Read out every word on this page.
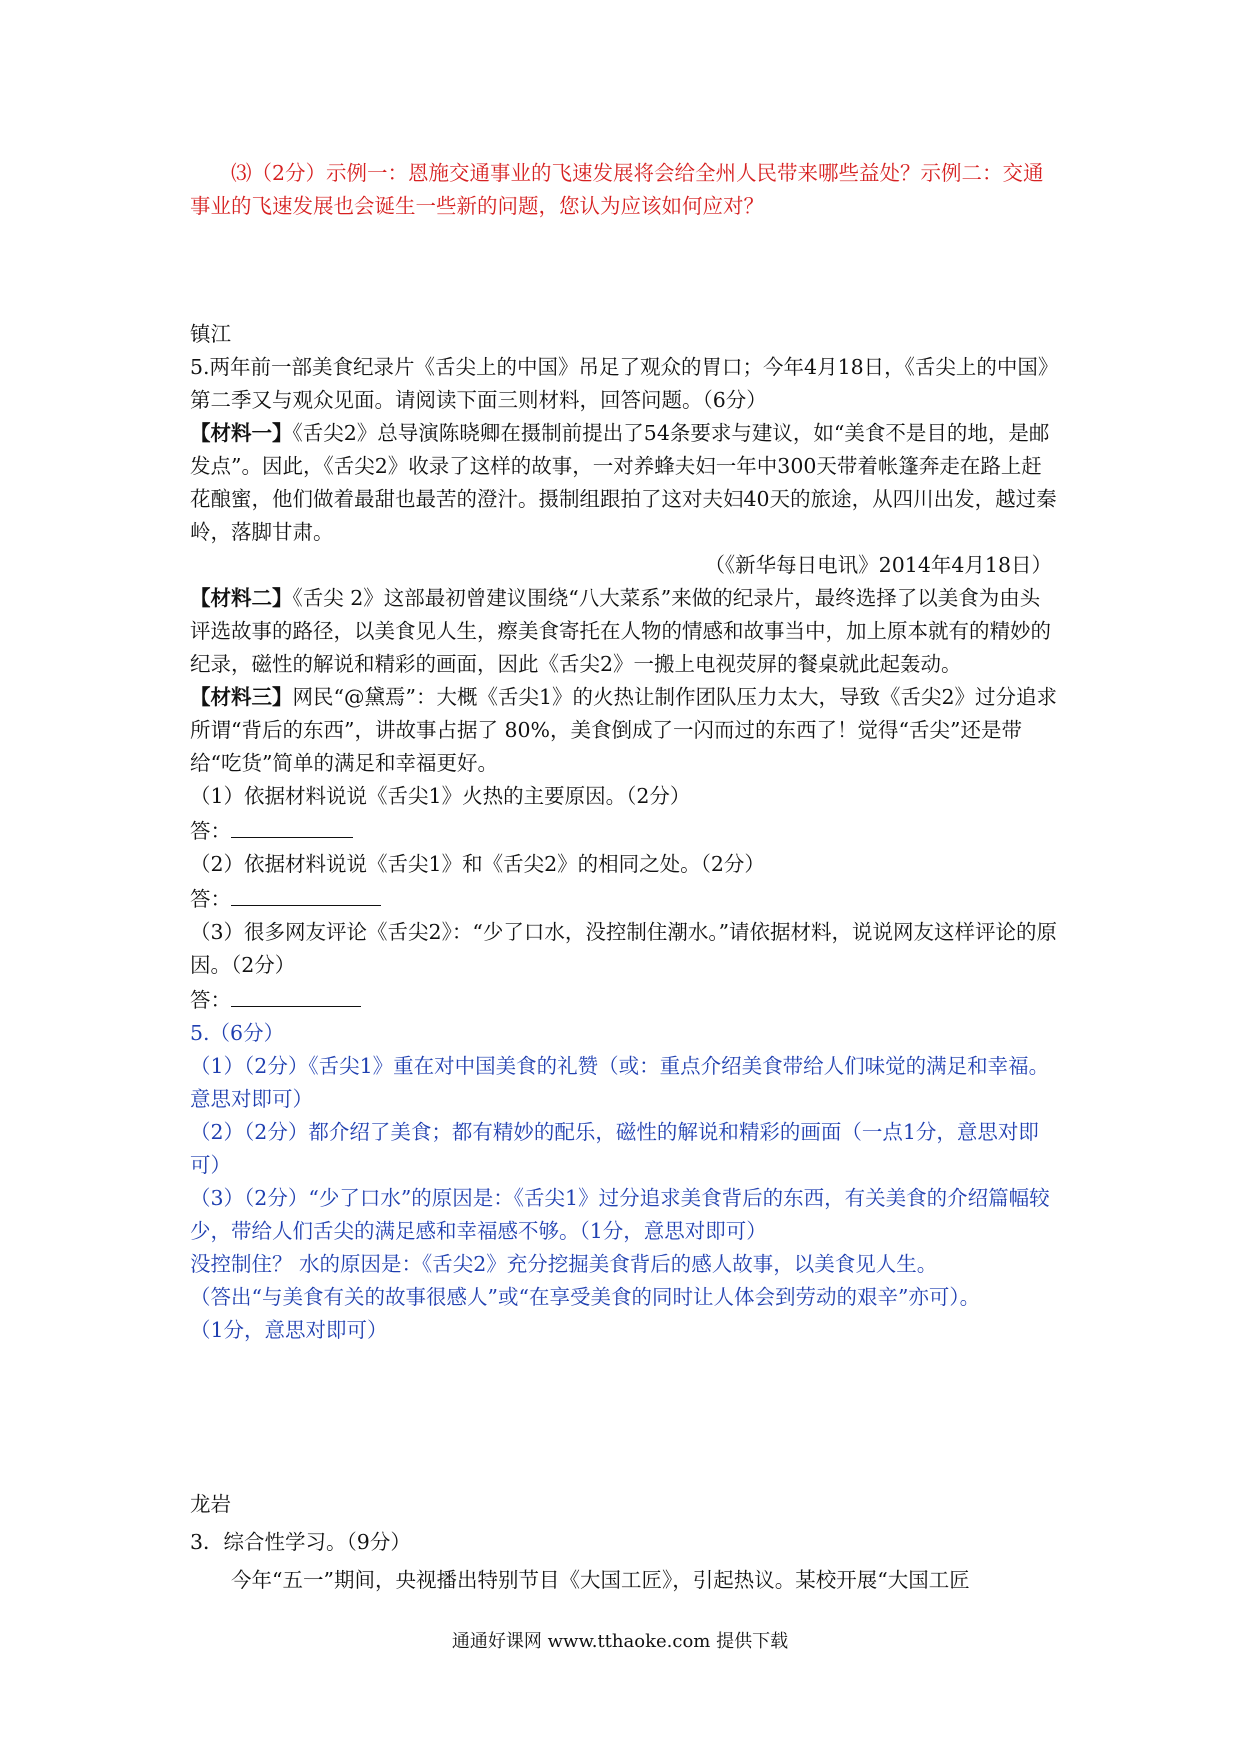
⑶（2分）示例一：恩施交通事业的飞速发展将会给全州人民带来哪些益处？示例二：交通事业的飞速发展也会诞生一些新的问题，您认为应该如何应对？

镇江

5.两年前一部美食纪录片《舌尖上的中国》吊足了观众的胃口；今年4月18日，《舌尖上的中国》第二季又与观众见面。请阅读下面三则材料，回答问题。（6分）

【材料一】《舌尖2》总导演陈晓卿在摄制前提出了54条要求与建议，如“美食不是目的地，是邮发点”。因此，《舌尖2》收录了这样的故事，一对养蜂夫妇一年中300天带着帐篷奔走在路上赶花酿蜜，他们做着最甜也最苦的澄汁。摄制组跟拍了这对夫妇40天的旅途，从四川出发，越过秦岭，落脚甘肃。

（《新华每日电讯》2014年4月18日）

【材料二】《舌尖 2》这部最初曾建议围绕“八大菜系”来做的纪录片，最终选择了以美食为由头评选故事的路径，以美食见人生，瘵美食寄托在人物的情感和故事当中，加上原本就有的精妙的纪录，磁性的解说和精彩的画面，因此《舌尖2》一搬上电视荧屏的餐桌就此起轰动。

【材料三】网民“@黛焉”：大概《舌尖1》的火热让制作团队压力太大，导致《舌尖2》过分追求所谓“背后的东西”，讲故事占据了 80%，美食倒成了一闪而过的东西了！觉得“舌尖”还是带给“吃货”简单的满足和幸福更好。

（1）依据材料说说《舌尖1》火热的主要原因。（2分）

答：

（2）依据材料说说《舌尖1》和《舌尖2》的相同之处。（2分）

答：

（3）很多网友评论《舌尖2》：“少了口水，没控制住潮水。”请依据材料，说说网友这样评论的原因。（2分）

答：

5.（6分）

（1）（2分）《舌尖1》重在对中国美食的礼赞（或：重点介绍美食带给人们味觉的满足和幸福。意思对即可）

（2）（2分）都介绍了美食；都有精妙的配乐，磁性的解说和精彩的画面（一点1分，意思对即可）

（3）（2分）“少了口水”的原因是：《舌尖1》过分追求美食背后的东西，有关美食的介绍篇幅较少，带给人们舌尖的满足感和幸福感不够。（1分，意思对即可）

没控制住？ 水的原因是：《舌尖2》充分挖掘美食背后的感人故事，以美食见人生。

（答出“与美食有关的故事很感人”或“在享受美食的同时让人体会到劳动的艰辛”亦可）。

（1分，意思对即可）

龙岩

3．综合性学习。（9分）

今年“五一”期间，央视播出特别节目《大国工匠》，引起热议。某校开展“大国工匠

通通好课网 www.tthaoke.com 提供下载
